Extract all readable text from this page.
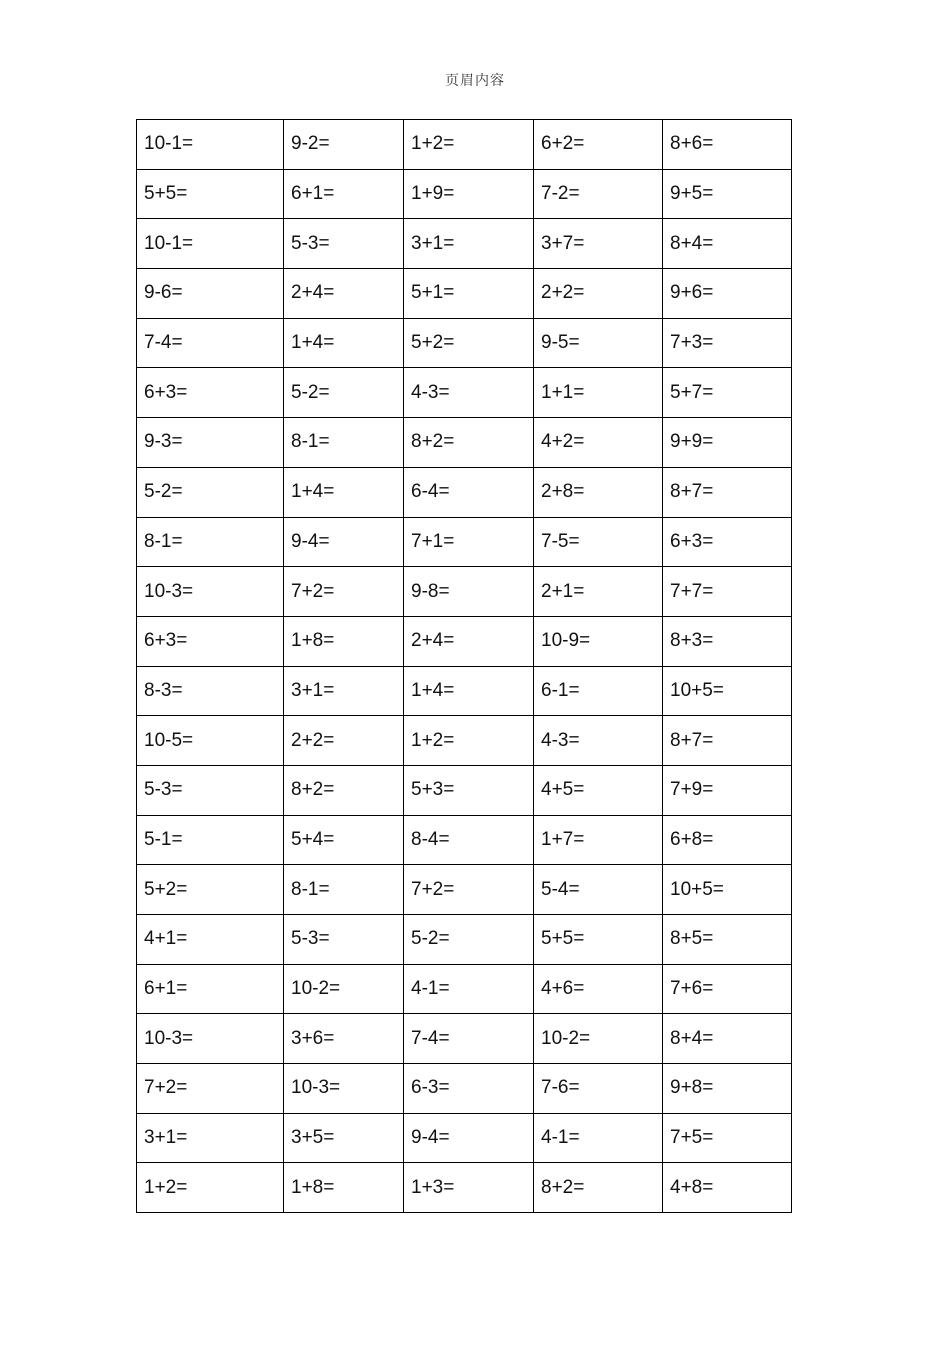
页眉内容
10-1=	9-2=	1+2=	6+2=	8+6=
5+5=	6+1=	1+9=	7-2=	9+5=
10-1=	5-3=	3+1=	3+7=	8+4=
9-6=	2+4=	5+1=	2+2=	9+6=
7-4=	1+4=	5+2=	9-5=	7+3=
6+3=	5-2=	4-3=	1+1=	5+7=
9-3=	8-1=	8+2=	4+2=	9+9=
5-2=	1+4=	6-4=	2+8=	8+7=
8-1=	9-4=	7+1=	7-5=	6+3=
10-3=	7+2=	9-8=	2+1=	7+7=
6+3=	1+8=	2+4=	10-9=	8+3=
8-3=	3+1=	1+4=	6-1=	10+5=
10-5=	2+2=	1+2=	4-3=	8+7=
5-3=	8+2=	5+3=	4+5=	7+9=
5-1=	5+4=	8-4=	1+7=	6+8=
5+2=	8-1=	7+2=	5-4=	10+5=
4+1=	5-3=	5-2=	5+5=	8+5=
6+1=	10-2=	4-1=	4+6=	7+6=
10-3=	3+6=	7-4=	10-2=	8+4=
7+2=	10-3=	6-3=	7-6=	9+8=
3+1=	3+5=	9-4=	4-1=	7+5=
1+2=	1+8=	1+3=	8+2=	4+8=
